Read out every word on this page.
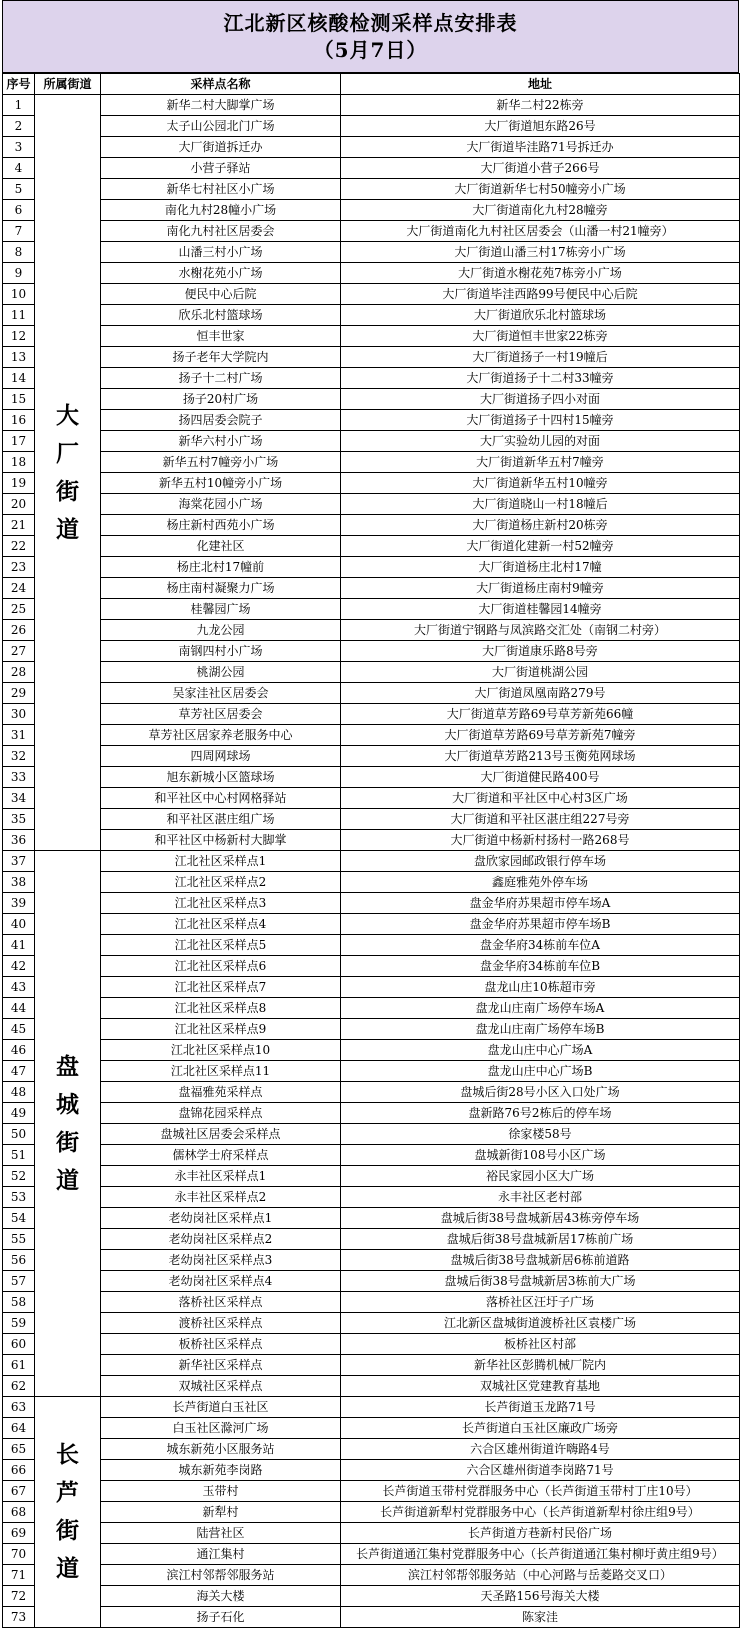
江北新区核酸检测采样点安排表
（5月7日）
序号	所属街道	采样点名称	地址
1	大
厂
街
道	新华二村大脚掌广场	新华二村22栋旁
2		太子山公园北门广场	大厂街道旭东路26号
3		大厂街道拆迁办	大厂街道毕洼路71号拆迁办
4		小营子驿站	大厂街道小营子266号
5		新华七村社区小广场	大厂街道新华七村50幢旁小广场
6		南化九村28幢小广场	大厂街道南化九村28幢旁
7		南化九村社区居委会	大厂街道南化九村社区居委会（山潘一村21幢旁）
8		山潘三村小广场	大厂街道山潘三村17栋旁小广场
9		水榭花苑小广场	大厂街道水榭花苑7栋旁小广场
10		便民中心后院	大厂街道毕洼西路99号便民中心后院
11		欣乐北村篮球场	大厂街道欣乐北村篮球场
12		恒丰世家	大厂街道恒丰世家22栋旁
13		扬子老年大学院内	大厂街道扬子一村19幢后
14		扬子十二村广场	大厂街道扬子十二村33幢旁
15		扬子20村广场	大厂街道扬子四小对面
16		扬四居委会院子	大厂街道扬子十四村15幢旁
17		新华六村小广场	大厂实验幼儿园的对面
18		新华五村7幢旁小广场	大厂街道新华五村7幢旁
19		新华五村10幢旁小广场	大厂街道新华五村10幢旁
20		海棠花园小广场	大厂街道晓山一村18幢后
21		杨庄新村西苑小广场	大厂街道杨庄新村20栋旁
22		化建社区	大厂街道化建新一村52幢旁
23		杨庄北村17幢前	大厂街道杨庄北村17幢
24		杨庄南村凝聚力广场	大厂街道杨庄南村9幢旁
25		桂馨园广场	大厂街道桂馨园14幢旁
26		九龙公园	大厂街道宁钢路与凤滨路交汇处（南钢二村旁）
27		南钢四村小广场	大厂街道康乐路8号旁
28		桃湖公园	大厂街道桃湖公园
29		吴家洼社区居委会	大厂街道凤凰南路279号
30		草芳社区居委会	大厂街道草芳路69号草芳新苑66幢
31		草芳社区居家养老服务中心	大厂街道草芳路69号草芳新苑7幢旁
32		四周网球场	大厂街道草芳路213号玉衡苑网球场
33		旭东新城小区篮球场	大厂街道健民路400号
34		和平社区中心村网格驿站	大厂街道和平社区中心村3区广场
35		和平社区湛庄组广场	大厂街道和平社区湛庄组227号旁
36		和平社区中杨新村大脚掌	大厂街道中杨新村扬村一路268号
37	盘
城
街
道	江北社区采样点1	盘欣家园邮政银行停车场
38		江北社区采样点2	鑫庭雅苑外停车场
39		江北社区采样点3	盘金华府苏果超市停车场A
40		江北社区采样点4	盘金华府苏果超市停车场B
41		江北社区采样点5	盘金华府34栋前车位A
42		江北社区采样点6	盘金华府34栋前车位B
43		江北社区采样点7	盘龙山庄10栋超市旁
44		江北社区采样点8	盘龙山庄南广场停车场A
45		江北社区采样点9	盘龙山庄南广场停车场B
46		江北社区采样点10	盘龙山庄中心广场A
47		江北社区采样点11	盘龙山庄中心广场B
48		盘福雅苑采样点	盘城后街28号小区入口处广场
49		盘锦花园采样点	盘新路76号2栋后的停车场
50		盘城社区居委会采样点	徐家楼58号
51		儒林学士府采样点	盘城新街108号小区广场
52		永丰社区采样点1	裕民家园小区大广场
53		永丰社区采样点2	永丰社区老村部
54		老幼岗社区采样点1	盘城后街38号盘城新居43栋旁停车场
55		老幼岗社区采样点2	盘城后街38号盘城新居17栋前广场
56		老幼岗社区采样点3	盘城后街38号盘城新居6栋前道路
57		老幼岗社区采样点4	盘城后街38号盘城新居3栋前大广场
58		落桥社区采样点	落桥社区汪圩子广场
59		渡桥社区采样点	江北新区盘城街道渡桥社区袁楼广场
60		板桥社区采样点	板桥社区村部
61		新华社区采样点	新华社区彭腾机械厂院内
62		双城社区采样点	双城社区党建教育基地
63	长
芦
街
道	长芦街道白玉社区	长芦街道玉龙路71号
64		白玉社区滁河广场	长芦街道白玉社区廉政广场旁
65		城东新苑小区服务站	六合区雄州街道许嗨路4号
66		城东新苑李岗路	六合区雄州街道李岗路71号
67		玉带村	长芦街道玉带村党群服务中心（长芦街道玉带村丁庄10号）
68		新犁村	长芦街道新犁村党群服务中心（长芦街道新犁村徐庄组9号）
69		陆营社区	长芦街道方巷新村民俗广场
70		通江集村	长芦街道通江集村党群服务中心（长芦街道通江集村柳圩黄庄组9号）
71		滨江村邻帮邻服务站	滨江村邻帮邻服务站（中心河路与岳菱路交叉口）
72		海关大楼	天圣路156号海关大楼
73		扬子石化	陈家洼
